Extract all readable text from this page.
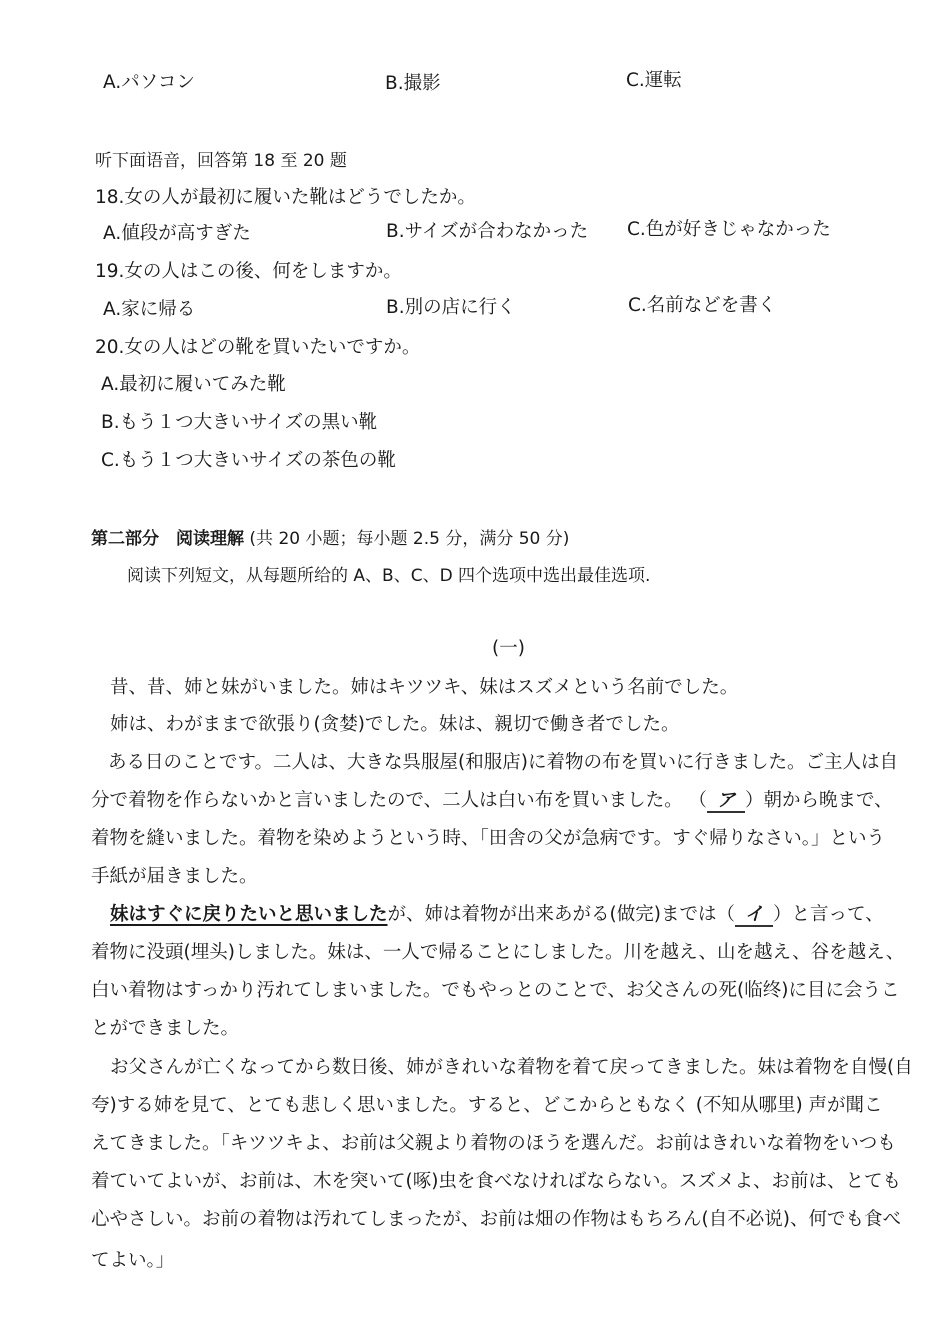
A.パソコン	B.撮影	C.運転
听下面语音，回答第 18 至 20 题
18.女の人が最初に履いた靴はどうでしたか。
A.値段が高すぎた	B.サイズが合わなかった C.色が好きじゃなかった
19.女の人はこの後、何をしますか。
A.家に帰る	B.別の店に行く	C.名前などを書く
20.女の人はどの靴を買いたいですか。
A.最初に履いてみた靴
B.もう１つ大きいサイズの黒い靴
C.もう１つ大きいサイズの茶色の靴
第二部分　阅读理解 (共 20 小题；每小题 2.5 分，满分 50 分)
阅读下列短文，从每题所给的 A、B、C、D 四个选项中选出最佳选项.
(一)
昔、昔、姉と妹がいました。姉はキツツキ、妹はスズメという名前でした。
姉は、わがままで欲張り(贪婪)でした。妹は、親切で働き者でした。
ある日のことです。二人は、大きな呉服屋(和服店)に着物の布を買いに行きました。ご主人は自
分で着物を作らないかと言いましたので、二人は白い布を買いました。 （ ア ）朝から晩まで、
着物を縫いました。着物を染めようという時、「田舎の父が急病です。すぐ帰りなさい。」という
手紙が届きました。
妹はすぐに戻りたいと思いましたが、姉は着物が出来あがる(做完)までは（ イ ）と言って、
着物に没頭(埋头)しました。妹は、一人で帰ることにしました。川を越え、山を越え、谷を越え、
白い着物はすっかり汚れてしまいました。でもやっとのことで、お父さんの死(临终)に目に会うこ
とができました。
お父さんが亡くなってから数日後、姉がきれいな着物を着て戻ってきました。妹は着物を自慢(自
夸)する姉を見て、とても悲しく思いました。すると、どこからともなく (不知从哪里) 声が聞こ
えてきました。「キツツキよ、お前は父親より着物のほうを選んだ。お前はきれいな着物をいつも
着ていてよいが、お前は、木を突いて(啄)虫を食べなければならない。スズメよ、お前は、とても
心やさしい。お前の着物は汚れてしまったが、お前は畑の作物はもちろん(自不必说)、何でも食べ
てよい。」
